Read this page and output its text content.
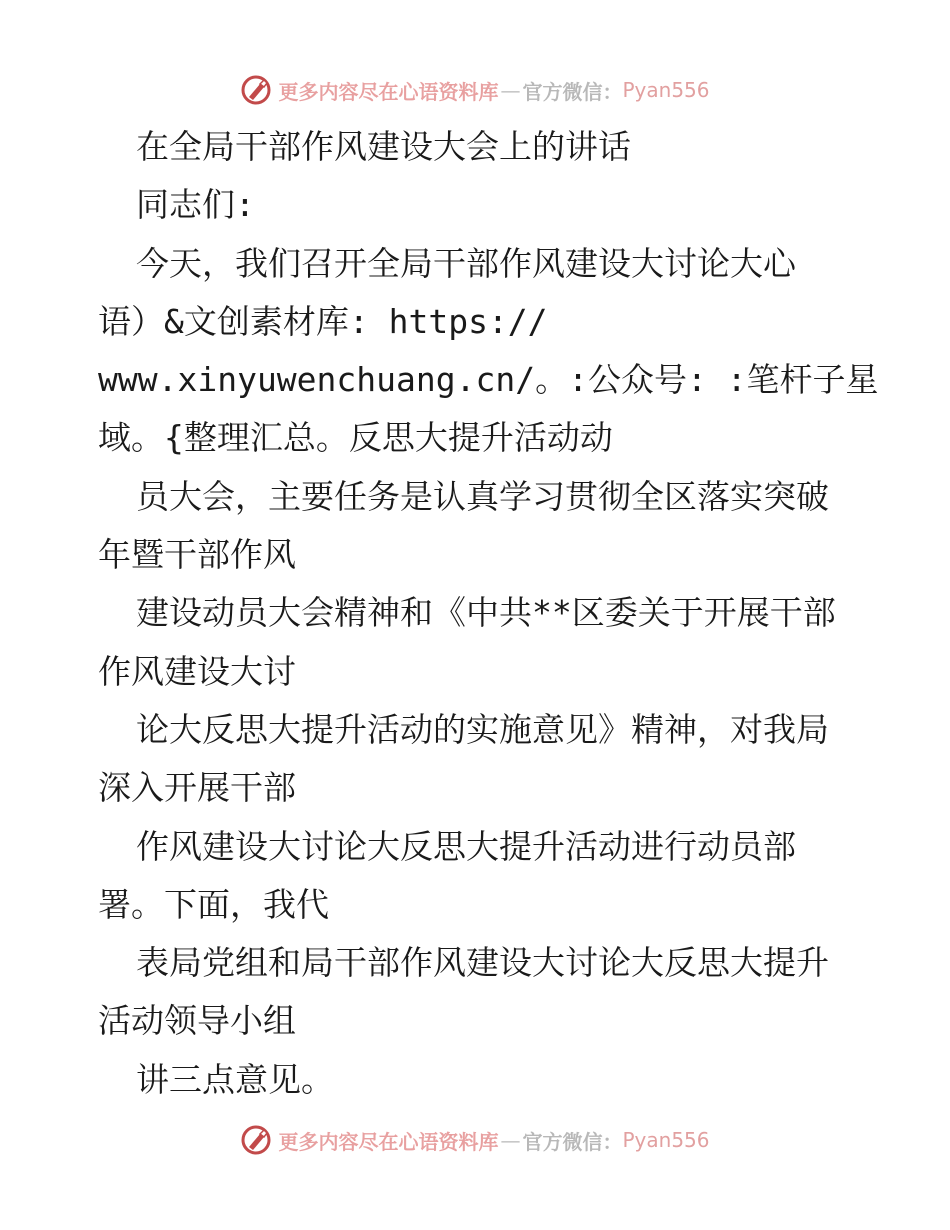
更多内容尽在心语资料库 — 官方微信： Pyan556
在全局干部作风建设大会上的讲话
同志们:
今天，我们召开全局干部作风建设大讨论大心
语）&文创素材库: https://
www.xinyuwenchuang.cn/。:公众号: :笔杆子星
域。{整理汇总。反思大提升活动动
员大会，主要任务是认真学习贯彻全区落实突破
年暨干部作风
建设动员大会精神和《中共**区委关于开展干部
作风建设大讨
论大反思大提升活动的实施意见》精神，对我局
深入开展干部
作风建设大讨论大反思大提升活动进行动员部
署。下面，我代
表局党组和局干部作风建设大讨论大反思大提升
活动领导小组
讲三点意见。
更多内容尽在心语资料库 — 官方微信： Pyan556
